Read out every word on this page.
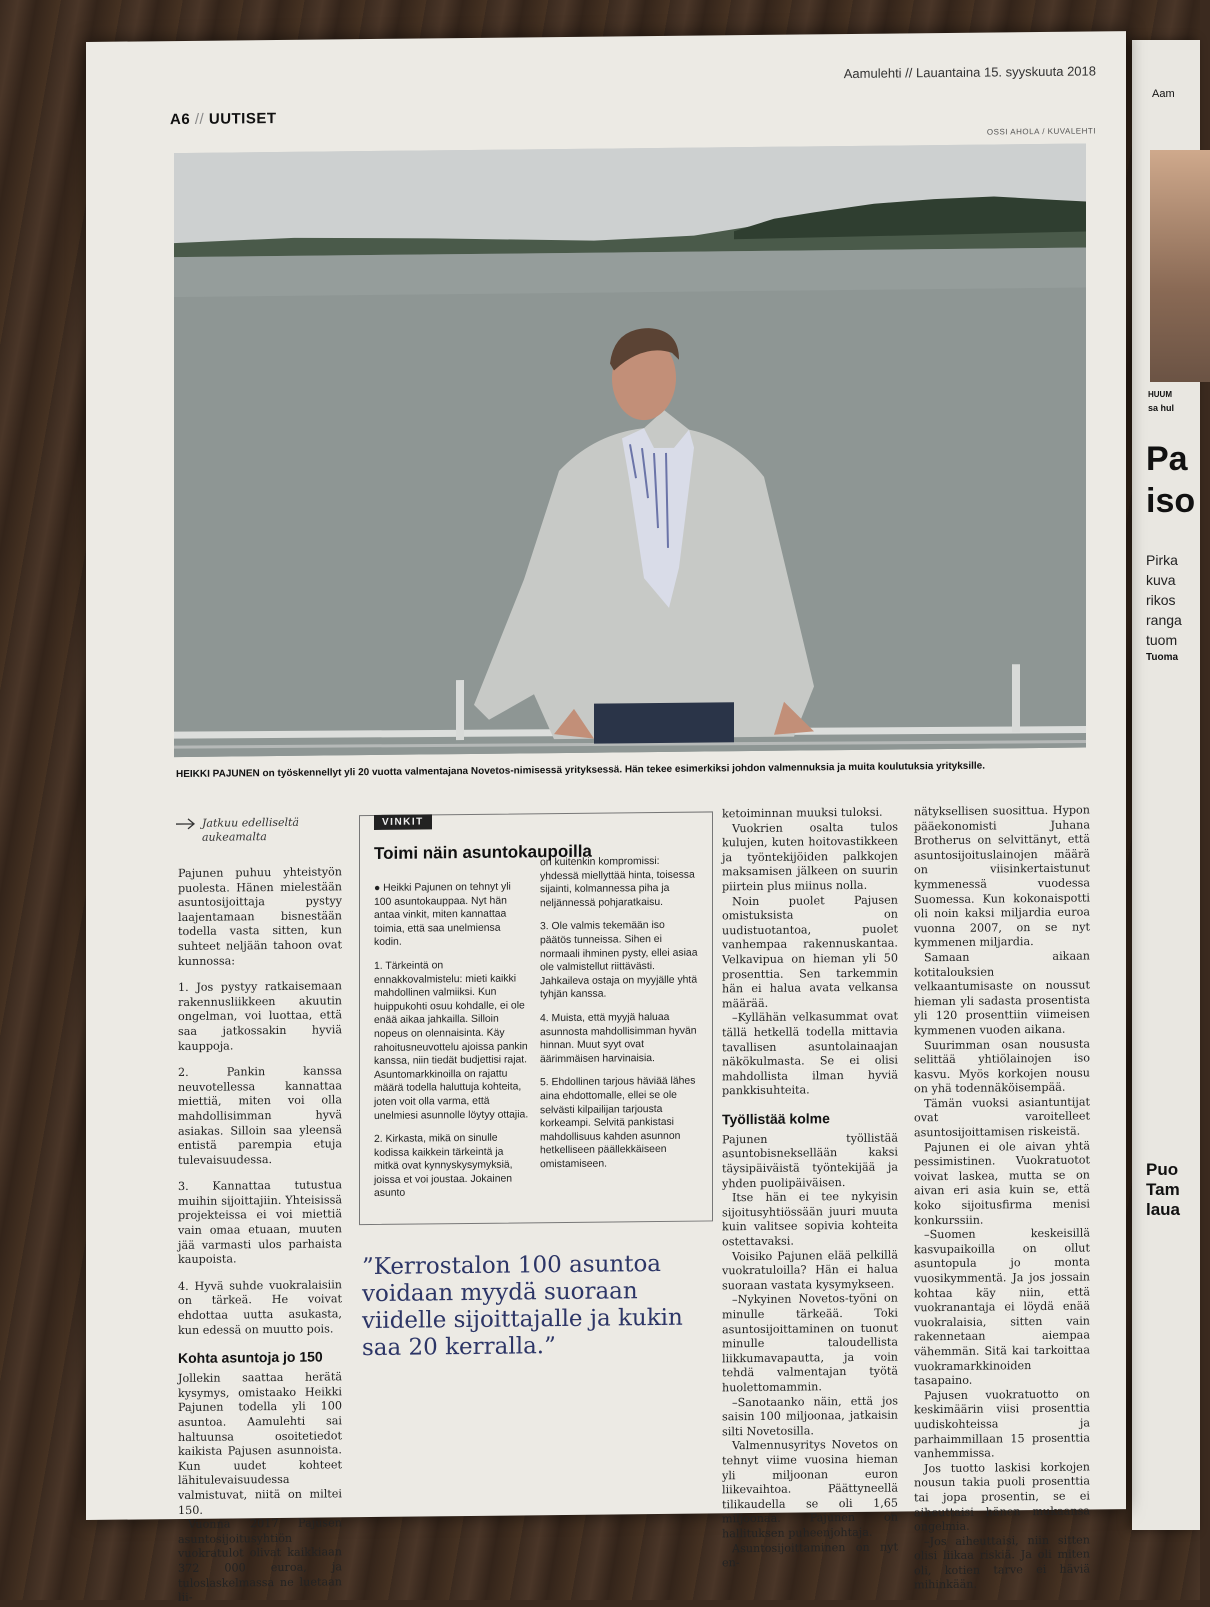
Aam
HUUM
sa hul
Pa
iso
Pirka
kuva
rikos
ranga
tuom
Tuoma
Puo
Tam
laua
Aamulehti // Lauantaina 15. syyskuuta 2018
A6 // UUTISET
OSSI AHOLA / KUVALEHTI
HEIKKI PAJUNEN on työskennellyt yli 20 vuotta valmentajana Novetos-nimisessä yrityksessä. Hän tekee esimerkiksi johdon valmennuksia ja muita koulutuksia yrityksille.
Jatkuu edelliseltä
aukeamalta

Pajunen puhuu yhteistyön puolesta. Hänen mielestään asuntosijoittaja pystyy laajentamaan bisnestään todella vasta sitten, kun suhteet neljään tahoon ovat kunnossa:

1. Jos pystyy ratkaisemaan rakennusliikkeen akuutin ongelman, voi luottaa, että saa jatkossakin hyviä kauppoja.

2. Pankin kanssa neuvotellessa kannattaa miettiä, miten voi olla mahdollisimman hyvä asiakas. Silloin saa yleensä entistä parempia etuja tulevaisuudessa.

3. Kannattaa tutustua muihin sijoittajiin. Yhteisissä projekteissa ei voi miettiä vain omaa etuaan, muuten jää varmasti ulos parhaista kaupoista.

4. Hyvä suhde vuokralaisiin on tärkeä. He voivat ehdottaa uutta asukasta, kun edessä on muutto pois.

Kohta asuntoja jo 150

Jollekin saattaa herätä kysymys, omistaako Heikki Pajunen todella yli 100 asuntoa. Aamulehti sai haltuunsa osoitetiedot kaikista Pajusen asunnoista. Kun uudet kohteet lähitulevaisuudessa valmistuvat, niitä on miltei 150.

Vuonna 2017 Pajusen asuntosijoitusyhtiön vuokratulot olivat kaikkiaan 372 000 euroa, ja tuloslaskelmassa ne luetaan lii-

VINKIT
Toimi näin asuntokaupoilla

● Heikki Pajunen on tehnyt yli 100 asuntokauppaa. Nyt hän antaa vinkit, miten kannattaa toimia, että saa unelmiensa kodin.

1. Tärkeintä on ennakkovalmistelu: mieti kaikki mahdollinen valmiiksi. Kun huippukohti osuu kohdalle, ei ole enää aikaa jahkailla. Silloin nopeus on olennaisinta. Käy rahoitusneuvottelu ajoissa pankin kanssa, niin tiedät budjettisi rajat. Asuntomarkkinoilla on rajattu määrä todella haluttuja kohteita, joten voit olla varma, että unelmiesi asunnolle löytyy ottajia.

2. Kirkasta, mikä on sinulle kodissa kaikkein tärkeintä ja mitkä ovat kynnyskysymyksiä, joissa et voi joustaa. Jokainen asunto

on kuitenkin kompromissi: yhdessä miellyttää hinta, toisessa sijainti, kolmannessa piha ja neljännessä pohjaratkaisu.

3. Ole valmis tekemään iso päätös tunneissa. Sihen ei normaali ihminen pysty, ellei asiaa ole valmistellut riittävästi. Jahkaileva ostaja on myyjälle yhtä tyhjän kanssa.

4. Muista, että myyjä haluaa asunnosta mahdollisimman hyvän hinnan. Muut syyt ovat äärimmäisen harvinaisia.

5. Ehdollinen tarjous häviää lähes aina ehdottomalle, ellei se ole selvästi kilpailijan tarjousta korkeampi. Selvitä pankistasi mahdollisuus kahden asunnon hetkelliseen päällekkäiseen omistamiseen.

”Kerrostalon 100 asuntoa voidaan myydä suoraan viidelle sijoittajalle ja kukin saa 20 kerralla.”

ketoiminnan muuksi tuloksi.

Vuokrien osalta tulos kulujen, kuten hoitovastikkeen ja työntekijöiden palkkojen maksamisen jälkeen on suurin piirtein plus miinus nolla.

Noin puolet Pajusen omistuksista on uudistuotantoa, puolet vanhempaa rakennuskantaa. Velkavipua on hieman yli 50 prosenttia. Sen tarkemmin hän ei halua avata velkansa määrää.

–Kyllähän velkasummat ovat tällä hetkellä todella mittavia tavallisen asuntolainaajan näkökulmasta. Se ei olisi mahdollista ilman hyviä pankkisuhteita.

Työllistää kolme

Pajunen työllistää asuntobisneksellään kaksi täysipäiväistä työntekijää ja yhden puolipäiväisen.

Itse hän ei tee nykyisin sijoitusyhtiössään juuri muuta kuin valitsee sopivia kohteita ostettavaksi.

Voisiko Pajunen elää pelkillä vuokratuloilla? Hän ei halua suoraan vastata kysymykseen.

–Nykyinen Novetos-työni on minulle tärkeää. Toki asuntosijoittaminen on tuonut minulle taloudellista liikkumavapautta, ja voin tehdä valmentajan työtä huolettomammin.

–Sanotaanko näin, että jos saisin 100 miljoonaa, jatkaisin silti Novetosilla.

Valmennusyritys Novetos on tehnyt viime vuosina hieman yli miljoonan euron liikevaihtoa. Päättyneellä tilikaudella se oli 1,65 miljoonaa. Pajunen on hallituksen puheenjohtaja.

Asuntosijoittaminen on nyt en-

nätyksellisen suosittua. Hypon pääekonomisti Juhana Brotherus on selvittänyt, että asuntosijoituslainojen määrä on viisinkertaistunut kymmenessä vuodessa Suomessa. Kun kokonaispotti oli noin kaksi miljardia euroa vuonna 2007, on se nyt kymmenen miljardia.

Samaan aikaan kotitalouksien velkaantumisaste on noussut hieman yli sadasta prosentista yli 120 prosenttiin viimeisen kymmenen vuoden aikana.

Suurimman osan noususta selittää yhtiölainojen iso kasvu. Myös korkojen nousu on yhä todennäköisempää.

Tämän vuoksi asiantuntijat ovat varoitelleet asuntosijoittamisen riskeistä.

Pajunen ei ole aivan yhtä pessimistinen. Vuokratuotot voivat laskea, mutta se on aivan eri asia kuin se, että koko sijoitusfirma menisi konkurssiin.

–Suomen keskeisillä kasvupaikoilla on ollut asuntopula jo monta vuosikymmentä. Ja jos jossain kohtaa käy niin, että vuokranantaja ei löydä enää vuokralaisia, sitten vain rakennetaan aiempaa vähemmän. Sitä kai tarkoittaa vuokramarkkinoiden tasapaino.

Pajusen vuokratuotto on keskimäärin viisi prosenttia uudiskohteissa ja parhaimmillaan 15 prosenttia vanhemmissa.

Jos tuotto laskisi korkojen nousun takia puoli prosenttia tai jopa prosentin, se ei aiheuttaisi hänen mukaansa ongelmia.

–Jos aiheuttaisi, niin sitten olisi liikaa riskiä. Ja oli miten oli, kotien tarve ei häviä mihinkään.
